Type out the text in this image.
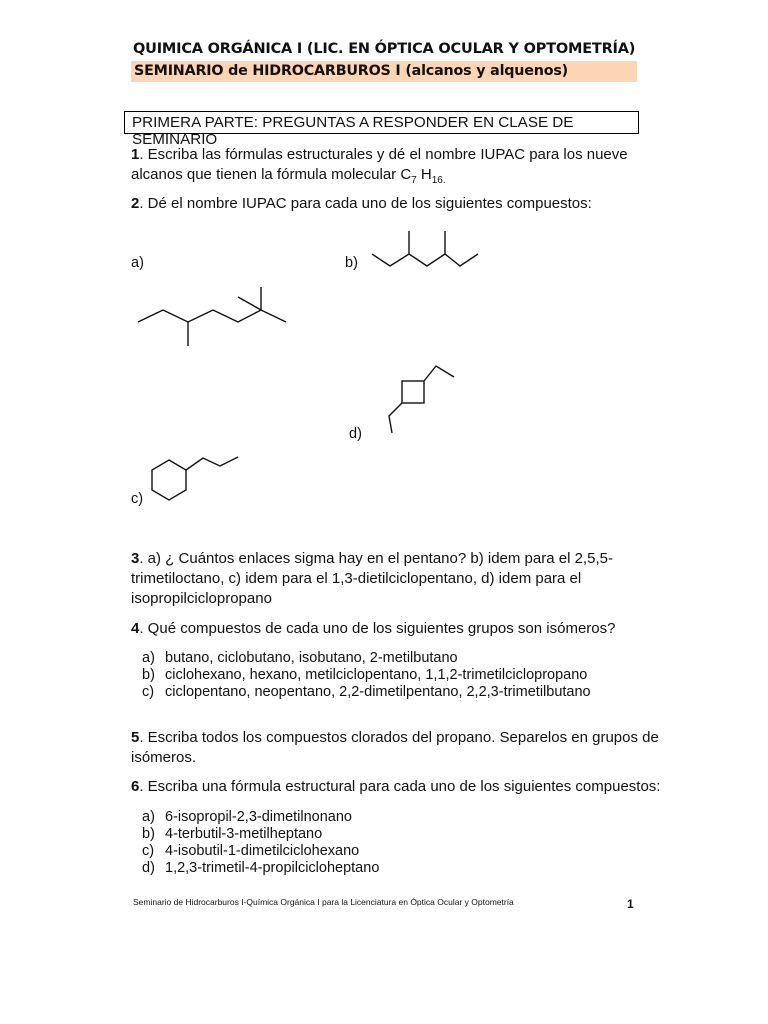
QUIMICA ORGÁNICA I (LIC. EN ÓPTICA OCULAR Y OPTOMETRÍA)
SEMINARIO de HIDROCARBUROS I (alcanos y alquenos)
PRIMERA PARTE: PREGUNTAS A RESPONDER EN CLASE DE SEMINARIO
1. Escriba las fórmulas estructurales y dé el nombre IUPAC para los nueve
alcanos que tienen la fórmula molecular $C_7$ $H_{16.}$
2. Dé el nombre IUPAC para cada uno de los siguientes compuestos:
a)	b)
d)
c)
3. a) ¿ Cuántos enlaces sigma hay en el pentano? b) idem para el 2,5,5-
trimetiloctano, c) idem para el 1,3-dietilciclopentano, d) idem para el
isopropilciclopropano
4. Qué compuestos de cada uno de los siguientes grupos son isómeros?
a) butano, ciclobutano, isobutano, 2-metilbutano
b) ciclohexano, hexano, metilciclopentano, 1,1,2-trimetilciclopropano
c) ciclopentano, neopentano, 2,2-dimetilpentano, 2,2,3-trimetilbutano
5. Escriba todos los compuestos clorados del propano. Separelos en grupos de
isómeros.
6. Escriba una fórmula estructural para cada uno de los siguientes compuestos:
a) 6-isopropil-2,3-dimetilnonano
b) 4-terbutil-3-metilheptano
c) 4-isobutil-1-dimetilciclohexano
d) 1,2,3-trimetil-4-propilcicloheptano
Seminario de Hidrocarburos I-Química Orgánica I para la Licenciatura en Óptica Ocular y Optometría	1
